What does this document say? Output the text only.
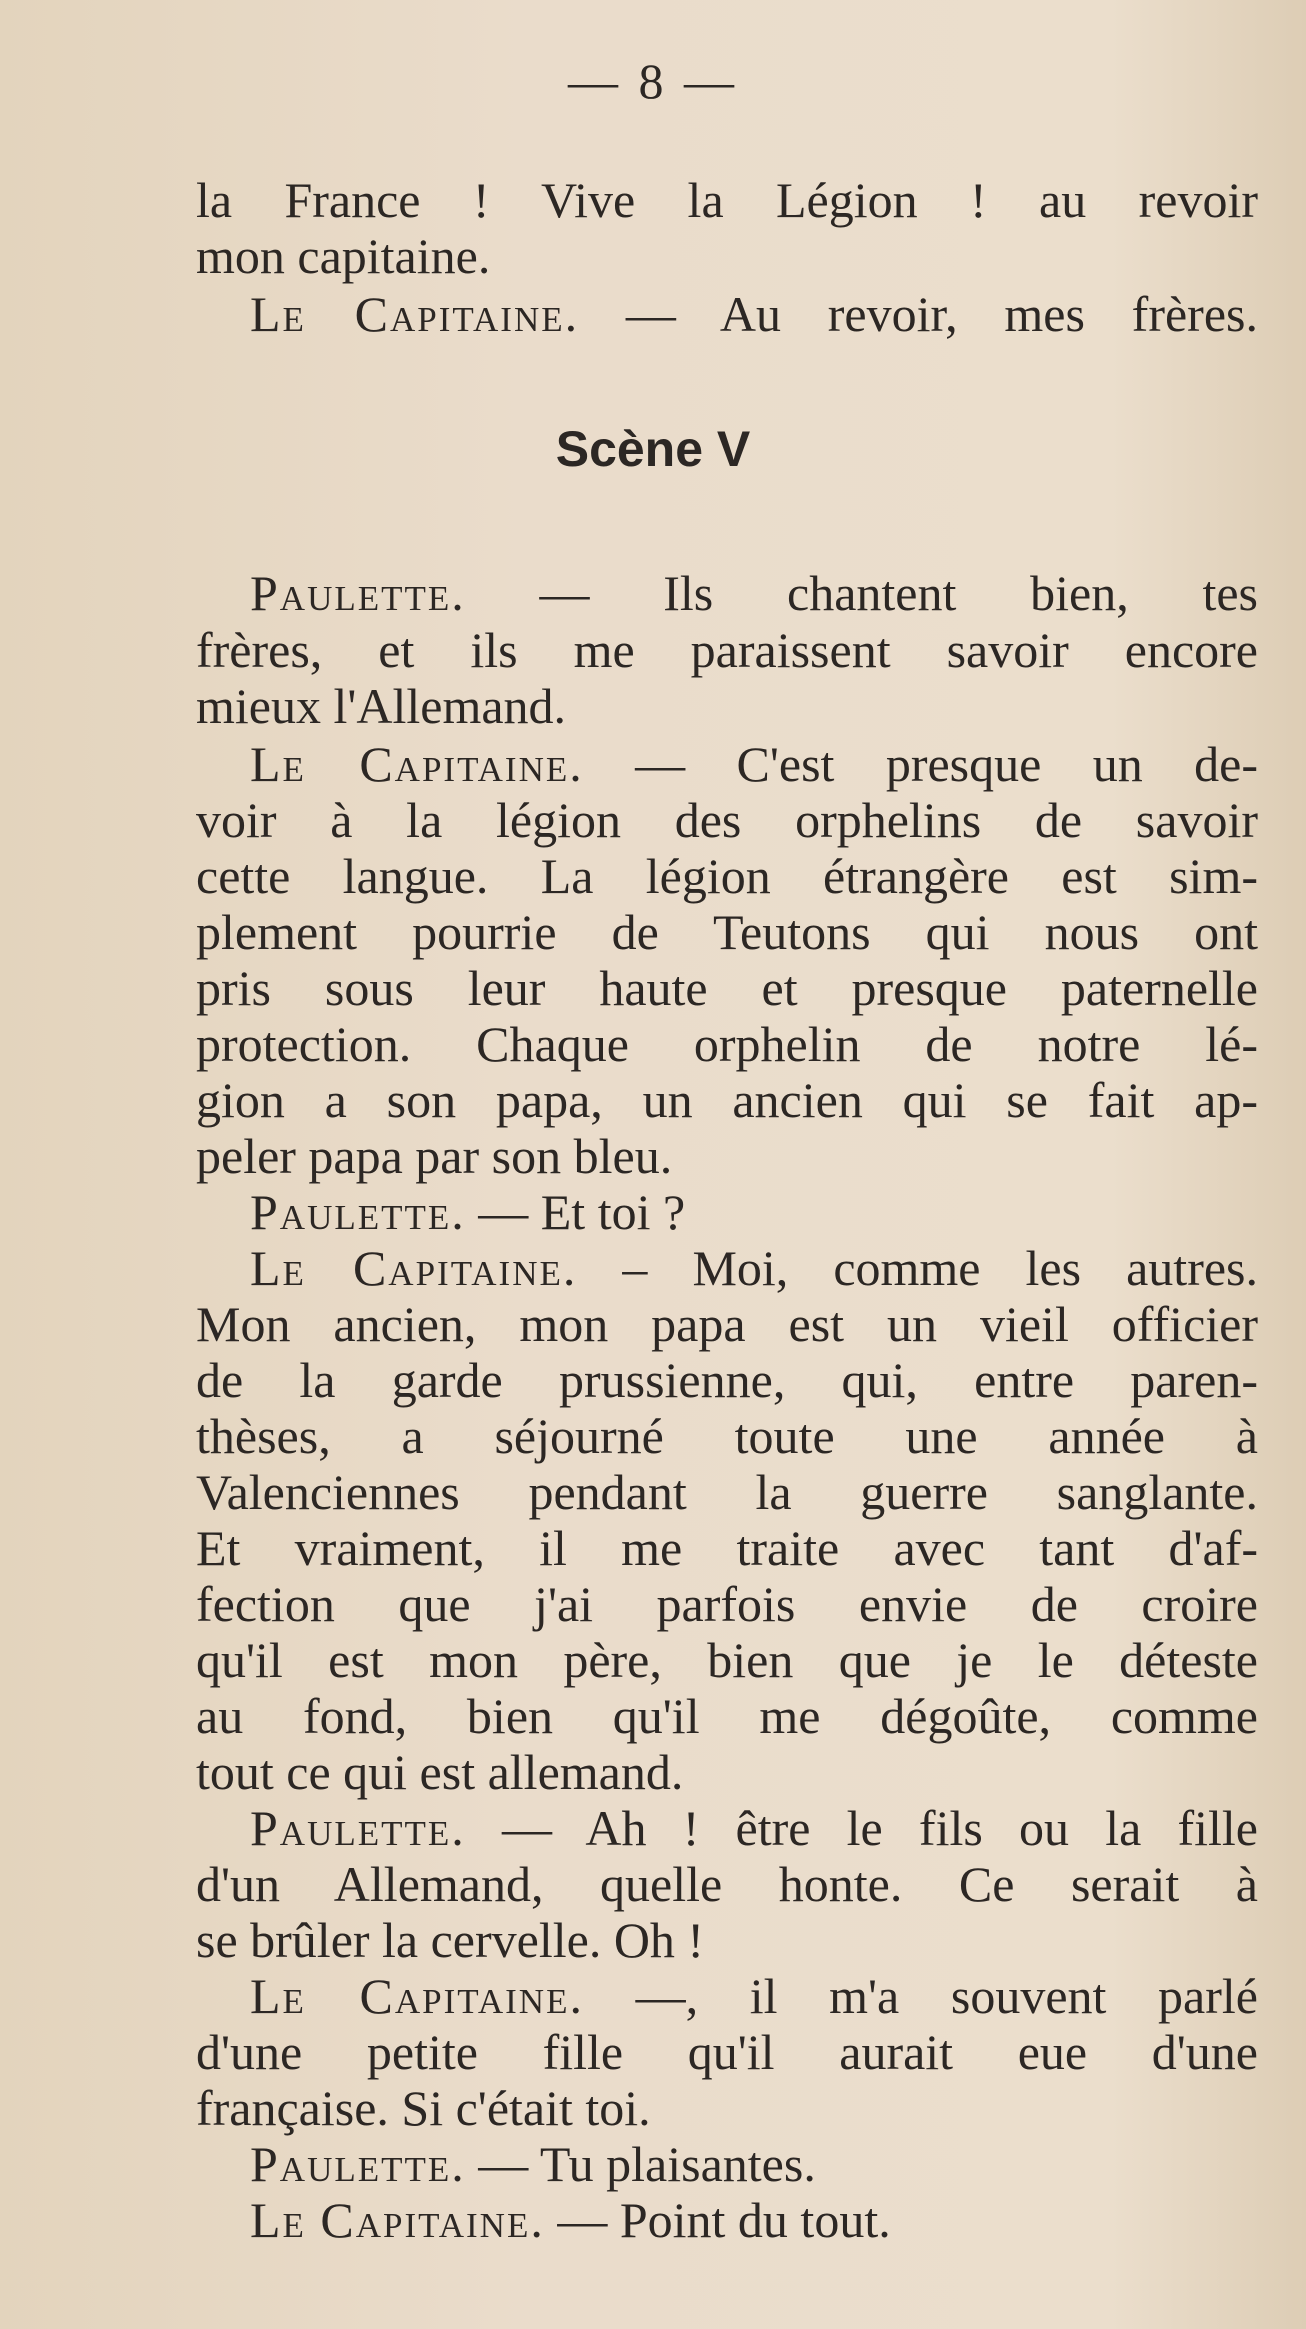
— 8 —
la France ! Vive la Légion ! au revoir
mon capitaine.
Le Capitaine. — Au revoir, mes frères.
Scène V
Paulette. — Ils chantent bien, tes
frères, et ils me paraissent savoir encore
mieux l'Allemand.
Le Capitaine. — C'est presque un de-
voir à la légion des orphelins de savoir
cette langue. La légion étrangère est sim-
plement pourrie de Teutons qui nous ont
pris sous leur haute et presque paternelle
protection. Chaque orphelin de notre lé-
gion a son papa, un ancien qui se fait ap-
peler papa par son bleu.
Paulette. — Et toi ?
Le Capitaine. – Moi, comme les autres.
Mon ancien, mon papa est un vieil officier
de la garde prussienne, qui, entre paren-
thèses, a séjourné toute une année à
Valenciennes pendant la guerre sanglante.
Et vraiment, il me traite avec tant d'af-
fection que j'ai parfois envie de croire
qu'il est mon père, bien que je le déteste
au fond, bien qu'il me dégoûte, comme
tout ce qui est allemand.
Paulette. — Ah ! être le fils ou la fille
d'un Allemand, quelle honte. Ce serait à
se brûler la cervelle. Oh !
Le Capitaine. —, il m'a souvent parlé
d'une petite fille qu'il aurait eue d'une
française. Si c'était toi.
Paulette. — Tu plaisantes.
Le Capitaine. — Point du tout.
